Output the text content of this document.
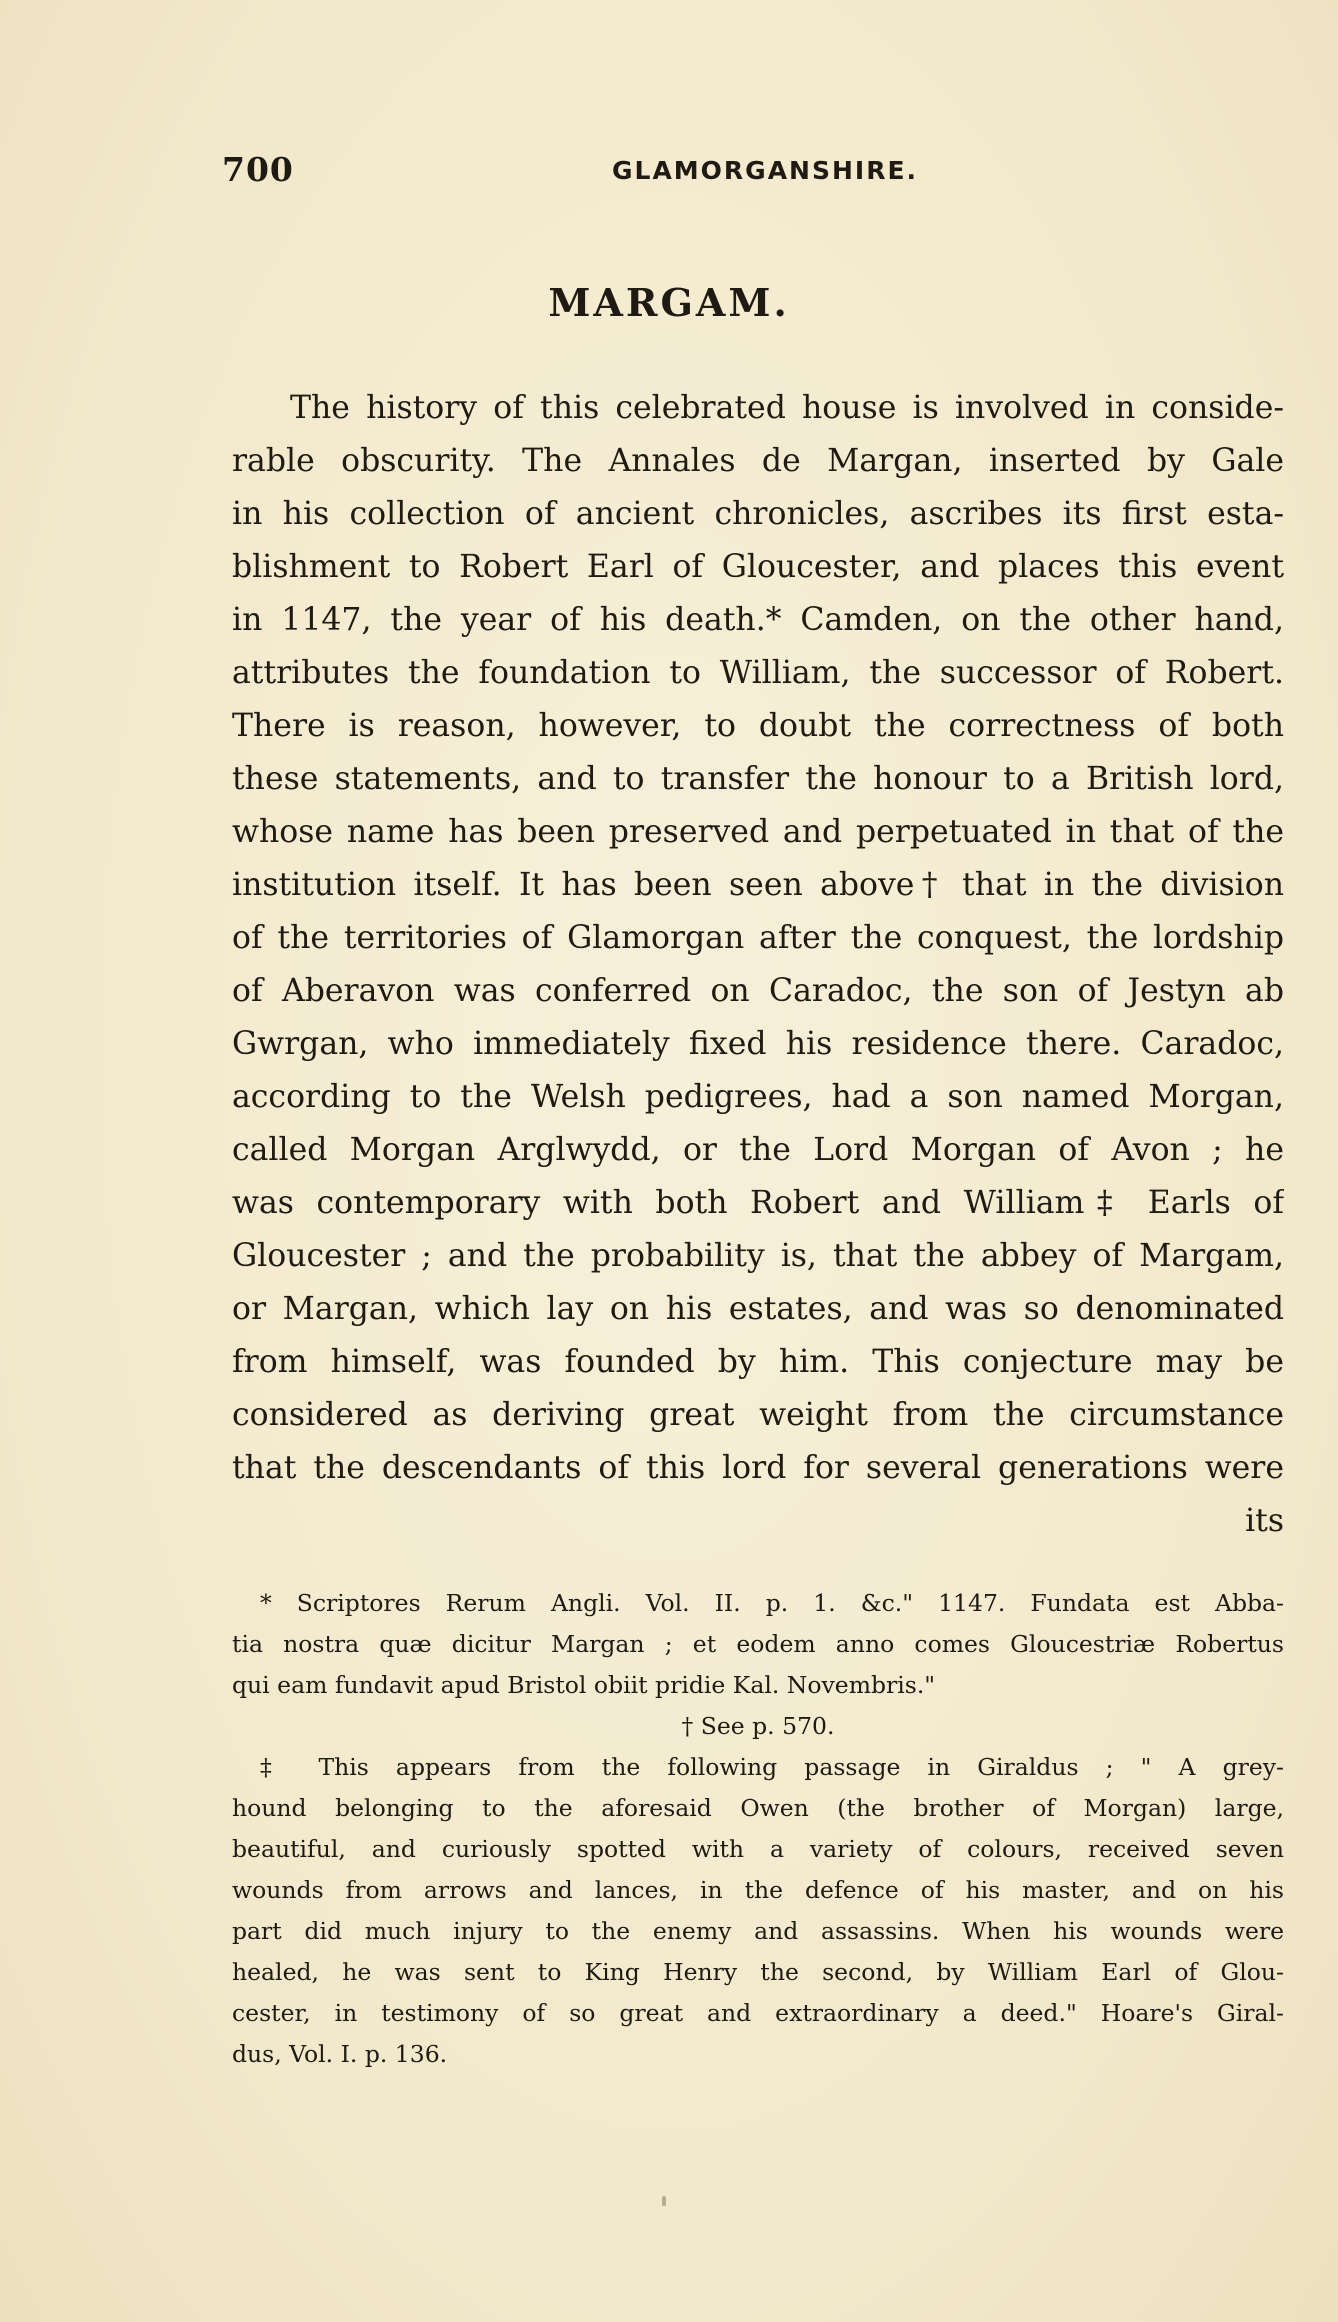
700	GLAMORGANSHIRE.
MARGAM.
The history of this celebrated house is involved in conside-
rable obscurity. The Annales de Margan, inserted by Gale
in his collection of ancient chronicles, ascribes its first esta-
blishment to Robert Earl of Gloucester, and places this event
in 1147, the year of his death.* Camden, on the other hand,
attributes the foundation to William, the successor of Robert.
There is reason, however, to doubt the correctness of both
these statements, and to transfer the honour to a British lord,
whose name has been preserved and perpetuated in that of the
institution itself. It has been seen above† that in the division
of the territories of Glamorgan after the conquest, the lordship
of Aberavon was conferred on Caradoc, the son of Jestyn ab
Gwrgan, who immediately fixed his residence there. Caradoc,
according to the Welsh pedigrees, had a son named Morgan,
called Morgan Arglwydd, or the Lord Morgan of Avon ; he
was contemporary with both Robert and William‡ Earls of
Gloucester ; and the probability is, that the abbey of Margam,
or Margan, which lay on his estates, and was so denominated
from himself, was founded by him. This conjecture may be
considered as deriving great weight from the circumstance
that the descendants of this lord for several generations were
its
* Scriptores Rerum Angli. Vol. II. p. 1. &c." 1147. Fundata est Abba-
tia nostra quæ dicitur Margan ; et eodem anno comes Gloucestriæ Robertus
qui eam fundavit apud Bristol obiit pridie Kal. Novembris."
† See p. 570.
‡ This appears from the following passage in Giraldus ; " A grey-
hound belonging to the aforesaid Owen (the brother of Morgan) large,
beautiful, and curiously spotted with a variety of colours, received seven
wounds from arrows and lances, in the defence of his master, and on his
part did much injury to the enemy and assassins. When his wounds were
healed, he was sent to King Henry the second, by William Earl of Glou-
cester, in testimony of so great and extraordinary a deed." Hoare's Giral-
dus, Vol. I. p. 136.
